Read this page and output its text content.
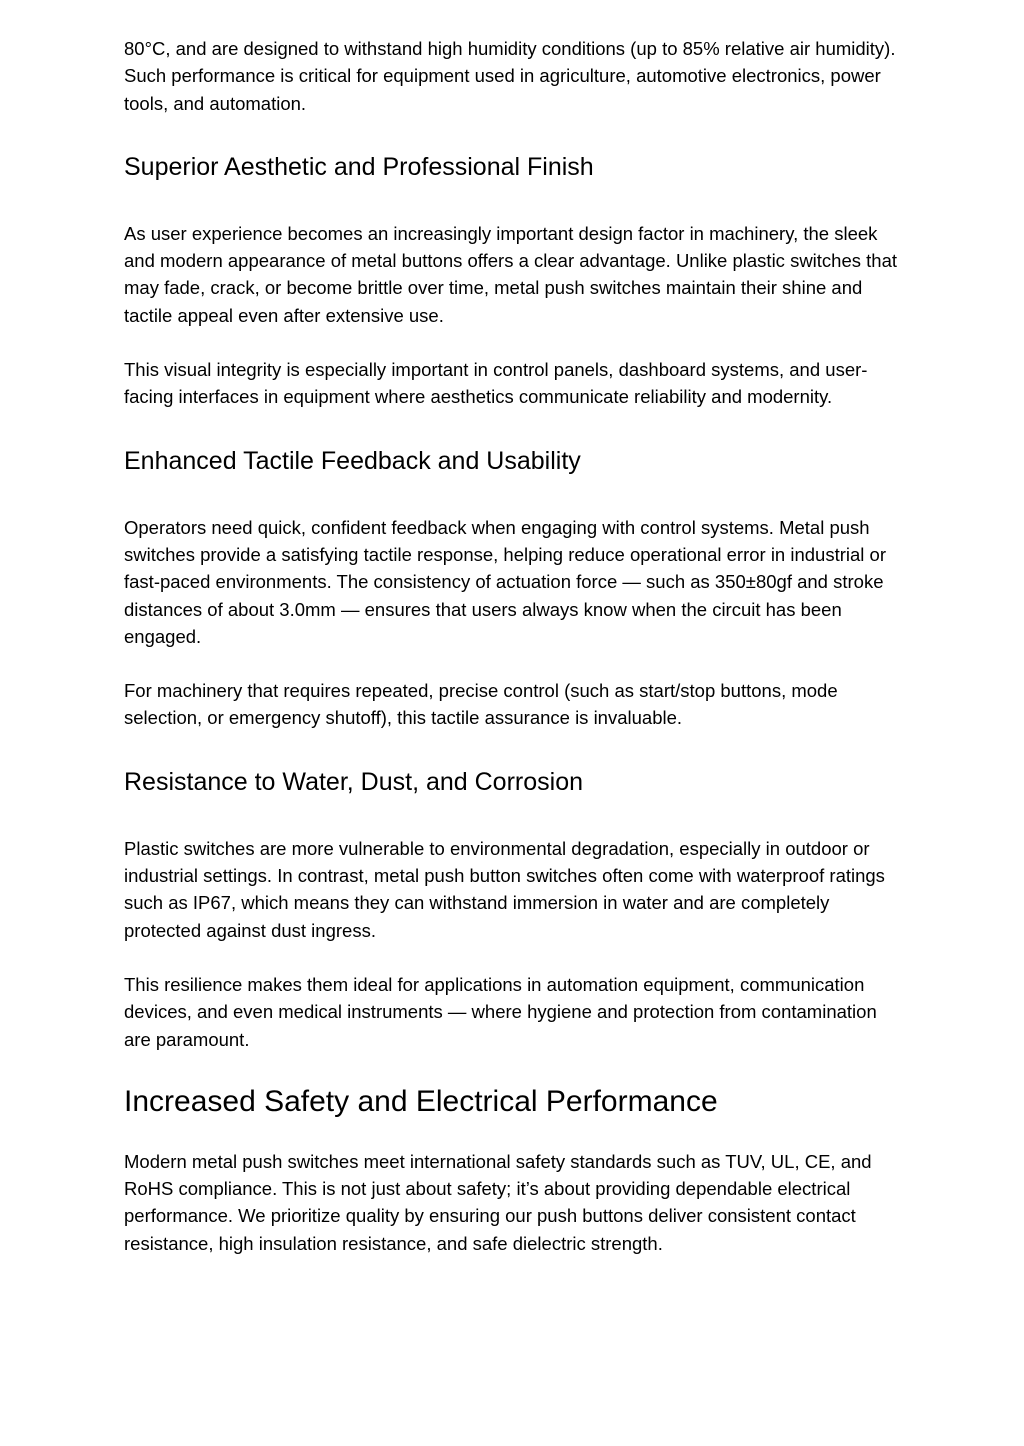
80°C, and are designed to withstand high humidity conditions (up to 85% relative air humidity). Such performance is critical for equipment used in agriculture, automotive electronics, power tools, and automation.

Superior Aesthetic and Professional Finish

As user experience becomes an increasingly important design factor in machinery, the sleek and modern appearance of metal buttons offers a clear advantage. Unlike plastic switches that may fade, crack, or become brittle over time, metal push switches maintain their shine and tactile appeal even after extensive use.

This visual integrity is especially important in control panels, dashboard systems, and user-facing interfaces in equipment where aesthetics communicate reliability and modernity.

Enhanced Tactile Feedback and Usability

Operators need quick, confident feedback when engaging with control systems. Metal push switches provide a satisfying tactile response, helping reduce operational error in industrial or fast-paced environments. The consistency of actuation force — such as 350±80gf and stroke distances of about 3.0mm — ensures that users always know when the circuit has been engaged.

For machinery that requires repeated, precise control (such as start/stop buttons, mode selection, or emergency shutoff), this tactile assurance is invaluable.

Resistance to Water, Dust, and Corrosion

Plastic switches are more vulnerable to environmental degradation, especially in outdoor or industrial settings. In contrast, metal push button switches often come with waterproof ratings such as IP67, which means they can withstand immersion in water and are completely protected against dust ingress.

This resilience makes them ideal for applications in automation equipment, communication devices, and even medical instruments — where hygiene and protection from contamination are paramount.

Increased Safety and Electrical Performance

Modern metal push switches meet international safety standards such as TUV, UL, CE, and RoHS compliance. This is not just about safety; it’s about providing dependable electrical performance. We prioritize quality by ensuring our push buttons deliver consistent contact resistance, high insulation resistance, and safe dielectric strength.
